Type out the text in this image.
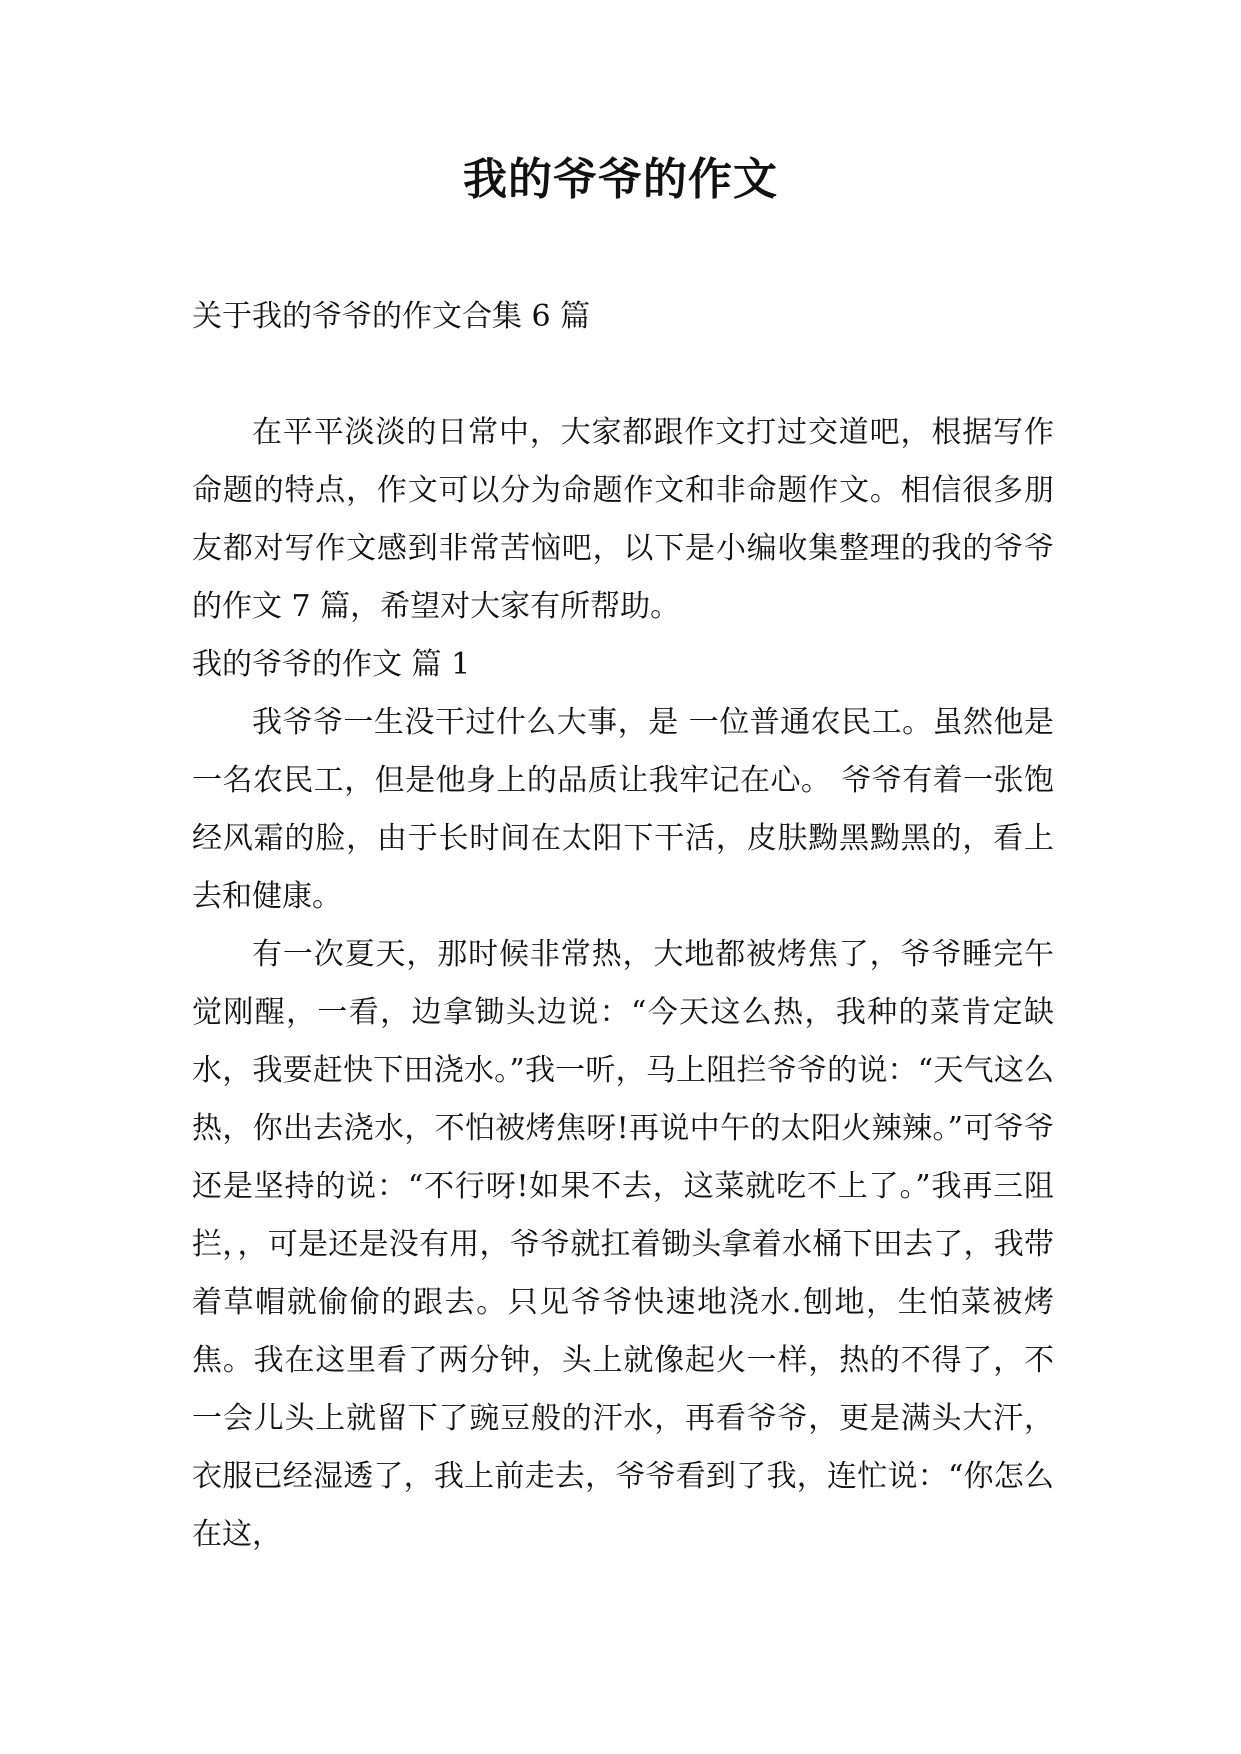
我的爷爷的作文
关于我的爷爷的作文合集 6 篇

在平平淡淡的日常中，大家都跟作文打过交道吧，根据写作命题的特点，作文可以分为命题作文和非命题作文。相信很多朋友都对写作文感到非常苦恼吧，以下是小编收集整理的我的爷爷的作文 7 篇，希望对大家有所帮助。

我的爷爷的作文 篇 1

我爷爷一生没干过什么大事，是 一位普通农民工。虽然他是一名农民工，但是他身上的品质让我牢记在心。 爷爷有着一张饱经风霜的脸，由于长时间在太阳下干活，皮肤黝黑黝黑的，看上去和健康。

有一次夏天，那时候非常热，大地都被烤焦了，爷爷睡完午觉刚醒，一看，边拿锄头边说：“今天这么热，我种的菜肯定缺水，我要赶快下田浇水。”我一听，马上阻拦爷爷的说：“天气这么热，你出去浇水，不怕被烤焦呀!再说中午的太阳火辣辣。”可爷爷还是坚持的说：“不行呀!如果不去，这菜就吃不上了。”我再三阻拦，，可是还是没有用，爷爷就扛着锄头拿着水桶下田去了，我带着草帽就偷偷的跟去。只见爷爷快速地浇水.刨地，生怕菜被烤焦。我在这里看了两分钟，头上就像起火一样，热的不得了，不一会儿头上就留下了豌豆般的汗水，再看爷爷，更是满头大汗，衣服已经湿透了，我上前走去，爷爷看到了我，连忙说：“你怎么在这，
